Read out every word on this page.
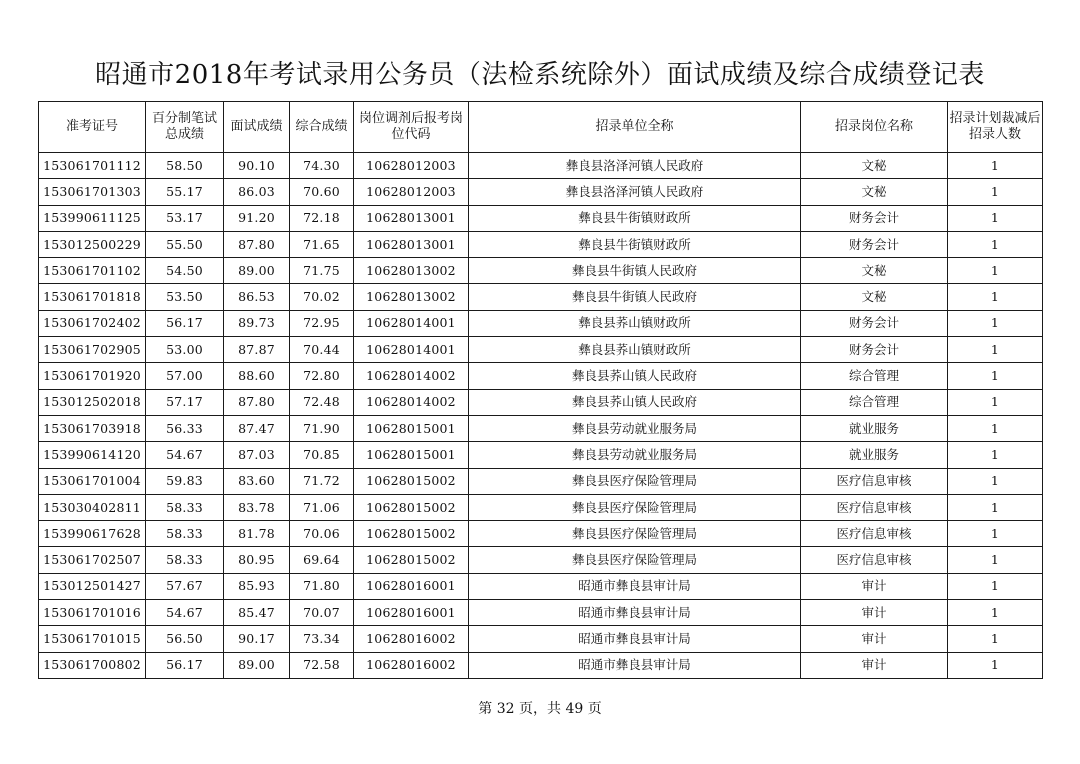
昭通市2018年考试录用公务员（法检系统除外）面试成绩及综合成绩登记表
准考证号	百分制笔试总成绩	面试成绩	综合成绩	岗位调剂后报考岗位代码	招录单位全称	招录岗位名称	招录计划裁减后招录人数
153061701112	58.50	90.10	74.30	10628012003	彝良县洛泽河镇人民政府	文秘	1
153061701303	55.17	86.03	70.60	10628012003	彝良县洛泽河镇人民政府	文秘	1
153990611125	53.17	91.20	72.18	10628013001	彝良县牛街镇财政所	财务会计	1
153012500229	55.50	87.80	71.65	10628013001	彝良县牛街镇财政所	财务会计	1
153061701102	54.50	89.00	71.75	10628013002	彝良县牛街镇人民政府	文秘	1
153061701818	53.50	86.53	70.02	10628013002	彝良县牛街镇人民政府	文秘	1
153061702402	56.17	89.73	72.95	10628014001	彝良县荞山镇财政所	财务会计	1
153061702905	53.00	87.87	70.44	10628014001	彝良县荞山镇财政所	财务会计	1
153061701920	57.00	88.60	72.80	10628014002	彝良县荞山镇人民政府	综合管理	1
153012502018	57.17	87.80	72.48	10628014002	彝良县荞山镇人民政府	综合管理	1
153061703918	56.33	87.47	71.90	10628015001	彝良县劳动就业服务局	就业服务	1
153990614120	54.67	87.03	70.85	10628015001	彝良县劳动就业服务局	就业服务	1
153061701004	59.83	83.60	71.72	10628015002	彝良县医疗保险管理局	医疗信息审核	1
153030402811	58.33	83.78	71.06	10628015002	彝良县医疗保险管理局	医疗信息审核	1
153990617628	58.33	81.78	70.06	10628015002	彝良县医疗保险管理局	医疗信息审核	1
153061702507	58.33	80.95	69.64	10628015002	彝良县医疗保险管理局	医疗信息审核	1
153012501427	57.67	85.93	71.80	10628016001	昭通市彝良县审计局	审计	1
153061701016	54.67	85.47	70.07	10628016001	昭通市彝良县审计局	审计	1
153061701015	56.50	90.17	73.34	10628016002	昭通市彝良县审计局	审计	1
153061700802	56.17	89.00	72.58	10628016002	昭通市彝良县审计局	审计	1
第 32 页，共 49 页
